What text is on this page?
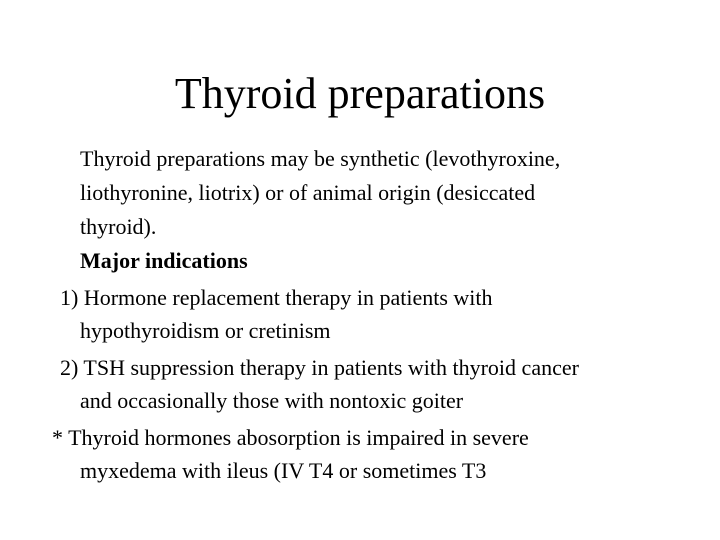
Thyroid preparations
Thyroid preparations may be synthetic (levothyroxine,
liothyronine, liotrix) or of animal origin (desiccated
thyroid).
Major indications
1) Hormone replacement therapy in patients with
hypothyroidism or cretinism
2) TSH suppression therapy in patients with thyroid cancer
and occasionally those with nontoxic goiter
* Thyroid hormones abosorption is impaired in severe
myxedema with ileus (IV T4 or sometimes T3
